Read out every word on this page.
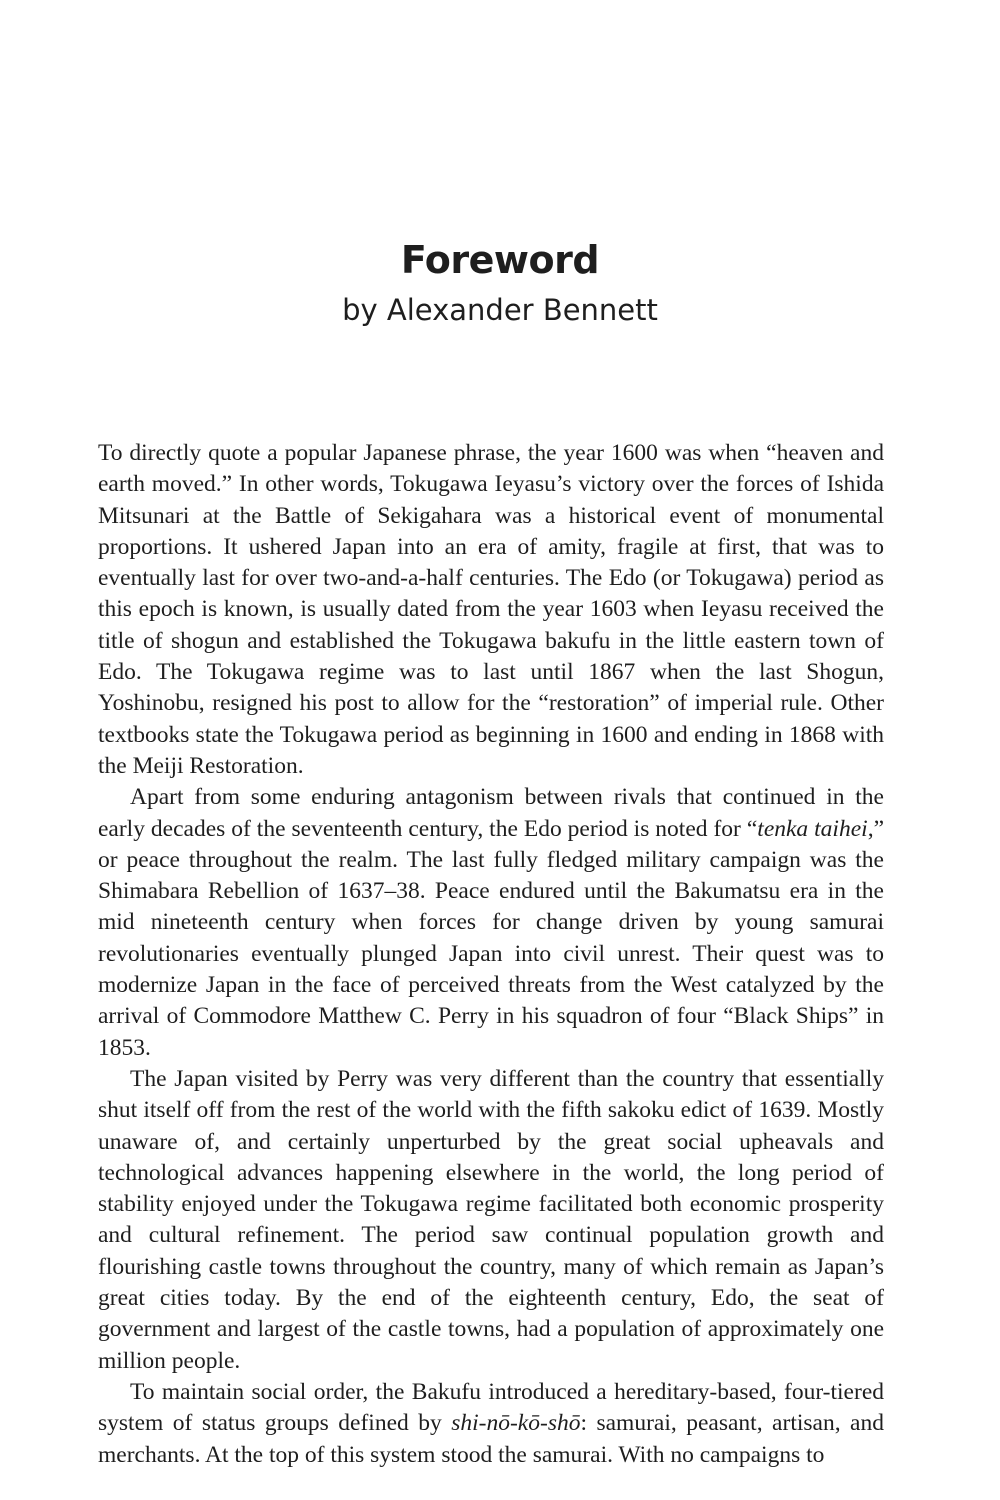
Foreword
by Alexander Bennett

To directly quote a popular Japanese phrase, the year 1600 was when “heaven and earth moved.” In other words, Tokugawa Ieyasu’s victory over the forces of Ishida Mitsunari at the Battle of Sekigahara was a historical event of monumental proportions. It ushered Japan into an era of amity, fragile at first, that was to eventually last for over two-and-a-half centuries. The Edo (or Tokugawa) period as this epoch is known, is usually dated from the year 1603 when Ieyasu received the title of shogun and established the Tokugawa bakufu in the little eastern town of Edo. The Tokugawa regime was to last until 1867 when the last Shogun, Yoshinobu, resigned his post to allow for the “restoration” of imperial rule. Other textbooks state the Tokugawa period as beginning in 1600 and ending in 1868 with the Meiji Restoration.

Apart from some enduring antagonism between rivals that continued in the early decades of the seventeenth century, the Edo period is noted for “tenka taihei,” or peace throughout the realm. The last fully fledged military campaign was the Shimabara Rebellion of 1637–38. Peace endured until the Bakumatsu era in the mid nineteenth century when forces for change driven by young samurai revolutionaries eventually plunged Japan into civil unrest. Their quest was to modernize Japan in the face of perceived threats from the West catalyzed by the arrival of Commodore Matthew C. Perry in his squadron of four “Black Ships” in 1853.

The Japan visited by Perry was very different than the country that essentially shut itself off from the rest of the world with the fifth sakoku edict of 1639. Mostly unaware of, and certainly unperturbed by the great social upheavals and technological advances happening elsewhere in the world, the long period of stability enjoyed under the Tokugawa regime facilitated both economic prosperity and cultural refinement. The period saw continual population growth and flourishing castle towns throughout the country, many of which remain as Japan’s great cities today. By the end of the eighteenth century, Edo, the seat of government and largest of the castle towns, had a population of approximately one million people.

To maintain social order, the Bakufu introduced a hereditary-based, four-tiered system of status groups defined by shi-nō-kō-shō: samurai, peasant, artisan, and merchants. At the top of this system stood the samurai. With no campaigns to
